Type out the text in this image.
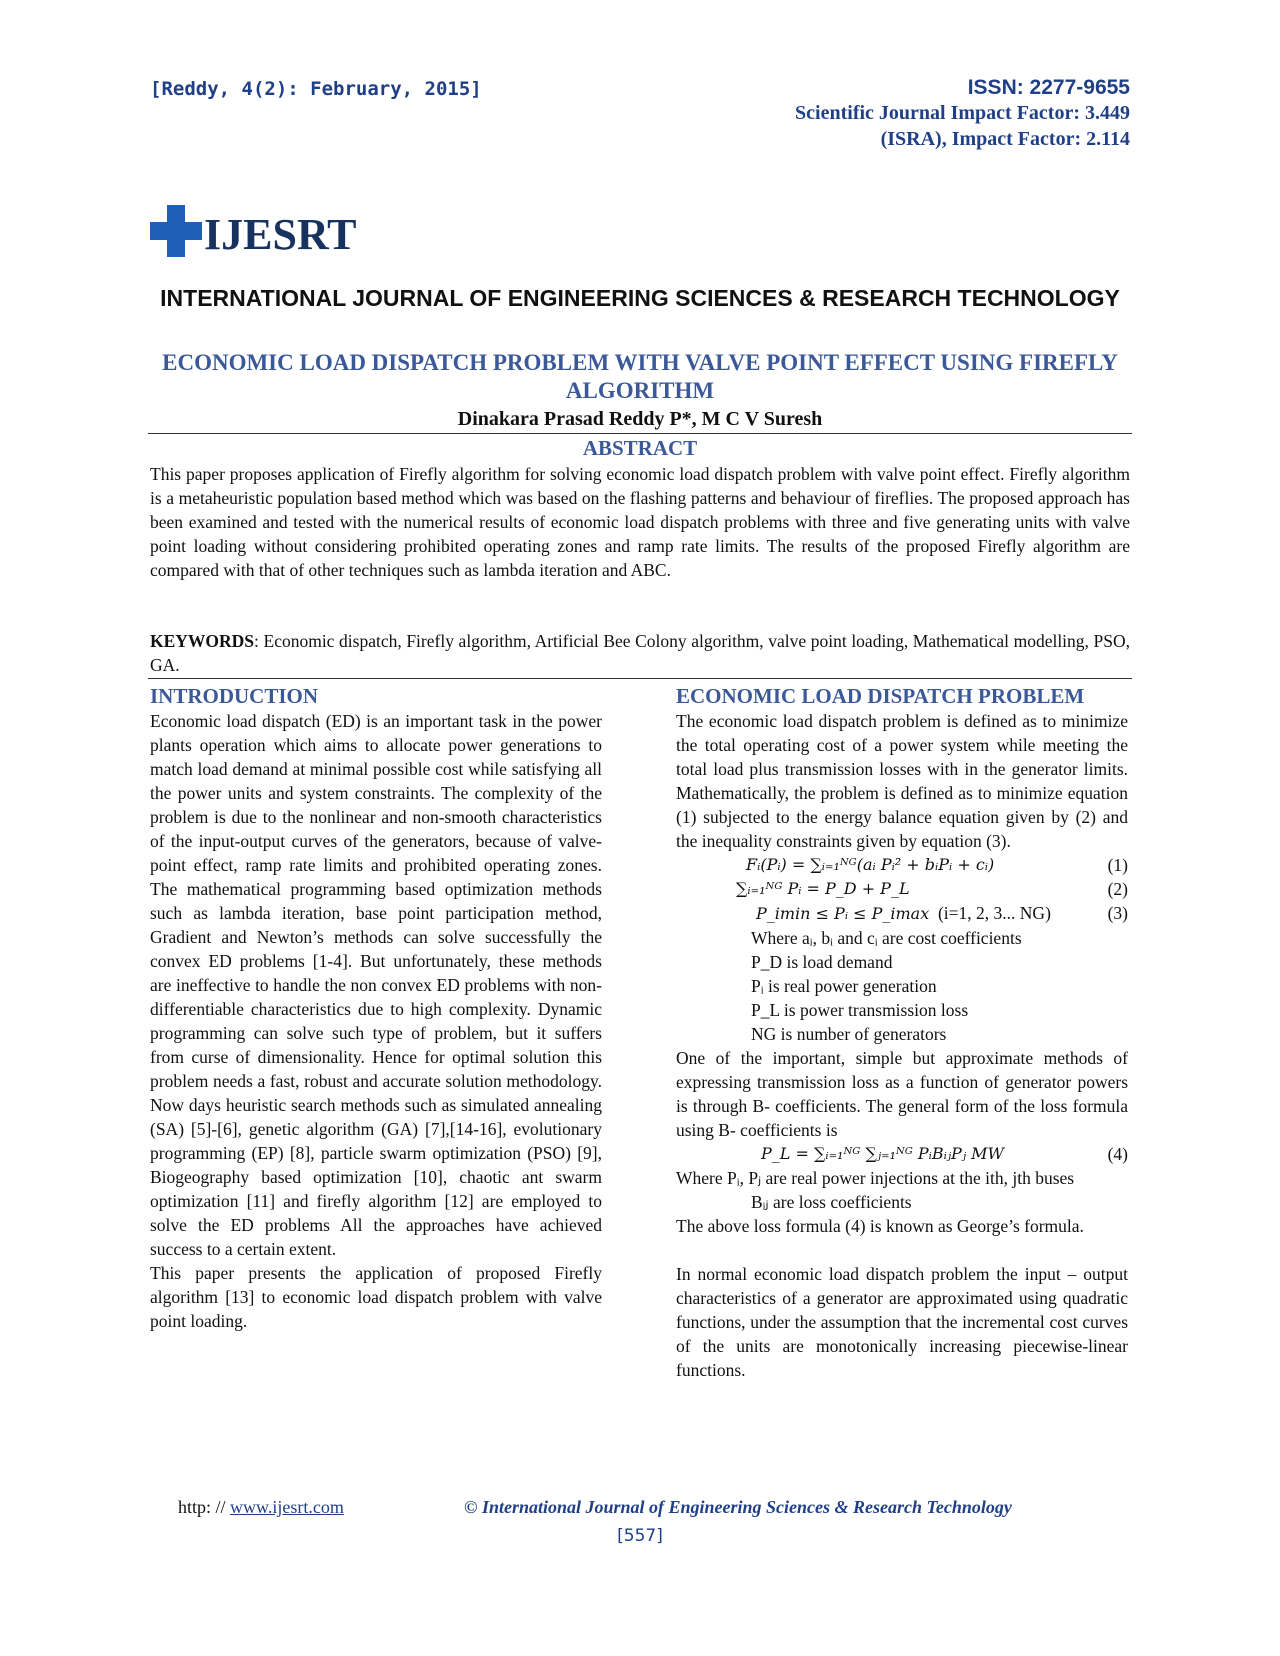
[Reddy, 4(2): February, 2015]	ISSN: 2277-9655
Scientific Journal Impact Factor: 3.449
(ISRA), Impact Factor: 2.114
IJESRT
INTERNATIONAL JOURNAL OF ENGINEERING SCIENCES & RESEARCH TECHNOLOGY
ECONOMIC LOAD DISPATCH PROBLEM WITH VALVE POINT EFFECT USING FIREFLY ALGORITHM
Dinakara Prasad Reddy P*, M C V Suresh
ABSTRACT
This paper proposes application of Firefly algorithm for solving economic load dispatch problem with valve point effect. Firefly algorithm is a metaheuristic population based method which was based on the flashing patterns and behaviour of fireflies. The proposed approach has been examined and tested with the numerical results of economic load dispatch problems with three and five generating units with valve point loading without considering prohibited operating zones and ramp rate limits. The results of the proposed Firefly algorithm are compared with that of other techniques such as lambda iteration and ABC.
KEYWORDS: Economic dispatch, Firefly algorithm, Artificial Bee Colony algorithm, valve point loading, Mathematical modelling, PSO, GA.
INTRODUCTION

Economic load dispatch (ED) is an important task in the power plants operation which aims to allocate power generations to match load demand at minimal possible cost while satisfying all the power units and system constraints. The complexity of the problem is due to the nonlinear and non-smooth characteristics of the input-output curves of the generators, because of valve-point effect, ramp rate limits and prohibited operating zones. The mathematical programming based optimization methods such as lambda iteration, base point participation method, Gradient and Newton’s methods can solve successfully the convex ED problems [1-4]. But unfortunately, these methods are ineffective to handle the non convex ED problems with non-differentiable characteristics due to high complexity. Dynamic programming can solve such type of problem, but it suffers from curse of dimensionality. Hence for optimal solution this problem needs a fast, robust and accurate solution methodology. Now days heuristic search methods such as simulated annealing (SA) [5]-[6], genetic algorithm (GA) [7],[14-16], evolutionary programming (EP) [8], particle swarm optimization (PSO) [9], Biogeography based optimization [10], chaotic ant swarm optimization [11] and firefly algorithm [12] are employed to solve the ED problems All the approaches have achieved success to a certain extent.

This paper presents the application of proposed Firefly algorithm [13] to economic load dispatch problem with valve point loading.

ECONOMIC LOAD DISPATCH PROBLEM

The economic load dispatch problem is defined as to minimize the total operating cost of a power system while meeting the total load plus transmission losses with in the generator limits. Mathematically, the problem is defined as to minimize equation (1) subjected to the energy balance equation given by (2) and the inequality constraints given by equation (3).

Fᵢ(Pᵢ) = ∑ᵢ₌₁ᴺᴳ(aᵢ Pᵢ² + bᵢPᵢ + cᵢ)	(1)
∑ᵢ₌₁ᴺᴳ Pᵢ = P_D + P_L	(2)
P_imin ≤ Pᵢ ≤ P_imax (i=1, 2, 3... NG)	(3)
Where aᵢ, bᵢ and cᵢ are cost coefficients
P_D is load demand
Pᵢ is real power generation
P_L is power transmission loss
NG is number of generators

One of the important, simple but approximate methods of expressing transmission loss as a function of generator powers is through B- coefficients. The general form of the loss formula using B- coefficients is

P_L = ∑ᵢ₌₁ᴺᴳ ∑ⱼ₌₁ᴺᴳ PᵢBᵢⱼPⱼ MW	(4)

Where Pᵢ, Pⱼ are real power injections at the ith, jth buses

Bᵢⱼ are loss coefficients

The above loss formula (4) is known as George’s formula.

In normal economic load dispatch problem the input – output characteristics of a generator are approximated using quadratic functions, under the assumption that the incremental cost curves of the units are monotonically increasing piecewise-linear functions.

http: // www.ijesrt.com	© International Journal of Engineering Sciences & Research Technology
[557]
